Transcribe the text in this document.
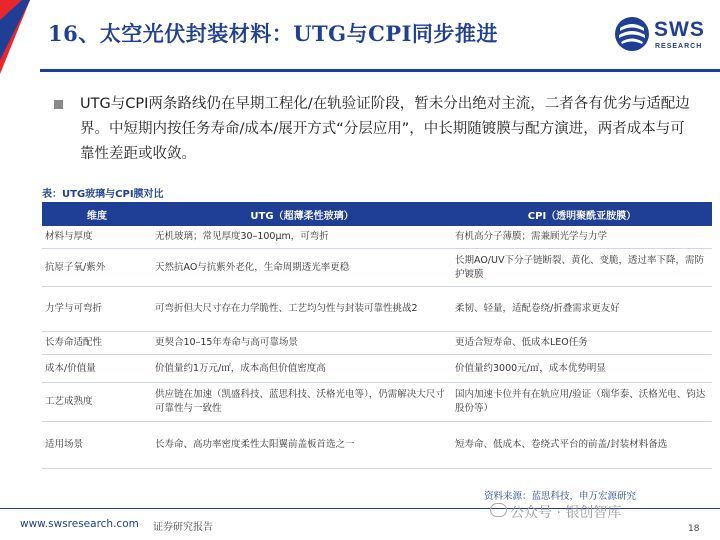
16、太空光伏封装材料：UTG与CPI同步推进	SWS
RESEARCH
UTG与CPI两条路线仍在早期工程化/在轨验证阶段，暂未分出绝对主流，二者各有优劣与适配边界。中短期内按任务寿命/成本/展开方式“分层应用”，中长期随镀膜与配方演进，两者成本与可靠性差距或收敛。
表：UTG玻璃与CPI膜对比
维度	UTG（超薄柔性玻璃）	CPI（透明聚酰亚胺膜）
材料与厚度	无机玻璃；常见厚度30–100μm，可弯折	有机高分子薄膜；需兼顾光学与力学
抗原子氧/紫外	天然抗AO与抗紫外老化，生命周期透光率更稳	长期AO/UV下分子链断裂、黄化、变脆，透过率下降，需防护镀膜
力学与可弯折	可弯折但大尺寸存在力学脆性、工艺均匀性与封装可靠性挑战2	柔韧、轻量，适配卷绕/折叠需求更友好
长寿命适配性	更契合10–15年寿命与高可靠场景	更适合短寿命、低成本LEO任务
成本/价值量	价值量约1万元/㎡，成本高但价值密度高	价值量约3000元/㎡，成本优势明显
工艺成熟度	供应链在加速（凯盛科技、蓝思科技、沃格光电等），仍需解决大尺寸可靠性与一致性	国内加速卡位并有在轨应用/验证（瑞华泰、沃格光电、钧达股份等）
适用场景	长寿命、高功率密度柔性太阳翼前盖板首选之一	短寿命、低成本、卷绕式平台的前盖/封装材料备选
资料来源：蓝思科技，申万宏源研究
www.swsresearch.com 证券研究报告
公众号 · 银创智库
18
